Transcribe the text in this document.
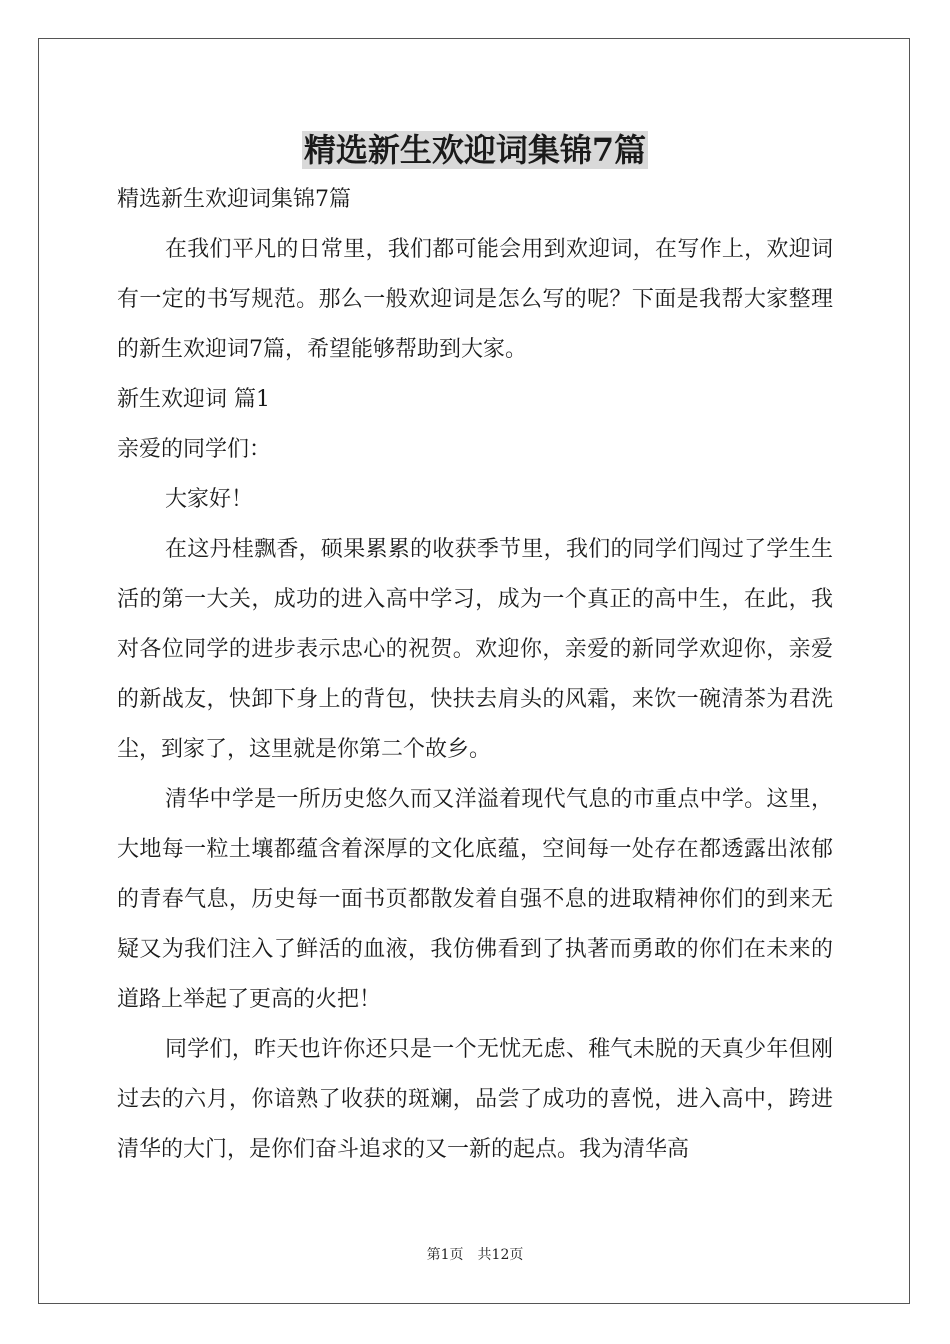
精选新生欢迎词集锦7篇

精选新生欢迎词集锦7篇

在我们平凡的日常里，我们都可能会用到欢迎词，在写作上，欢迎词有一定的书写规范。那么一般欢迎词是怎么写的呢？下面是我帮大家整理的新生欢迎词7篇，希望能够帮助到大家。

新生欢迎词 篇1

亲爱的同学们：

大家好！

在这丹桂飘香，硕果累累的收获季节里，我们的同学们闯过了学生生活的第一大关，成功的进入高中学习，成为一个真正的高中生，在此，我对各位同学的进步表示忠心的祝贺。欢迎你，亲爱的新同学欢迎你，亲爱的新战友，快卸下身上的背包，快扶去肩头的风霜，来饮一碗清茶为君洗尘，到家了，这里就是你第二个故乡。

清华中学是一所历史悠久而又洋溢着现代气息的市重点中学。这里，大地每一粒土壤都蕴含着深厚的文化底蕴，空间每一处存在都透露出浓郁的青春气息，历史每一面书页都散发着自强不息的进取精神你们的到来无疑又为我们注入了鲜活的血液，我仿佛看到了执著而勇敢的你们在未来的道路上举起了更高的火把！

同学们，昨天也许你还只是一个无忧无虑、稚气未脱的天真少年但刚过去的六月，你谙熟了收获的斑斓，品尝了成功的喜悦，进入高中，跨进清华的大门，是你们奋斗追求的又一新的起点。我为清华高

第1页 共12页
